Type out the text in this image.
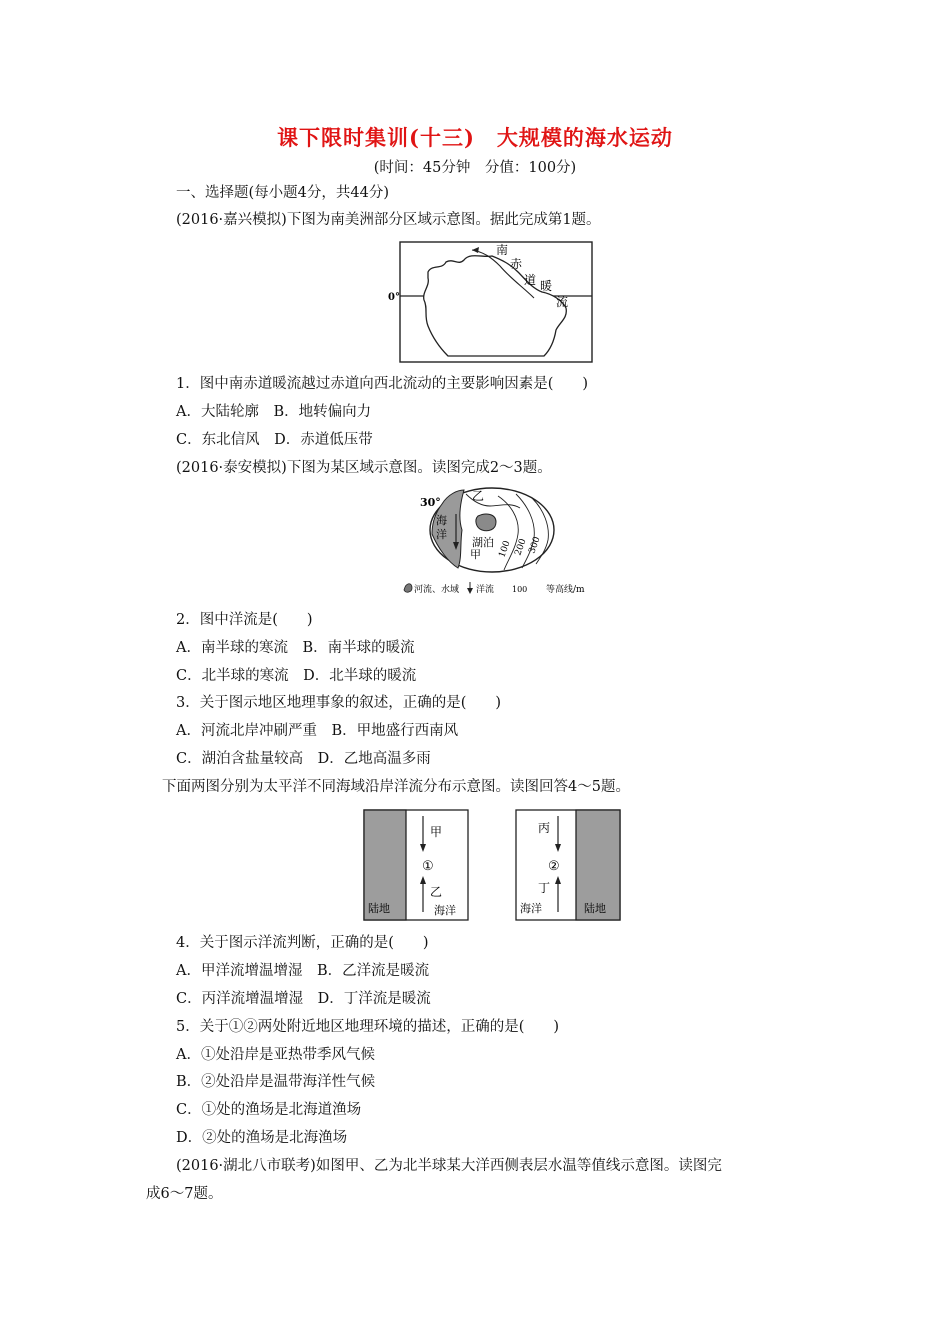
课下限时集训(十三)　大规模的海水运动
(时间：45分钟　分值：100分)
一、选择题(每小题4分，共44分)
(2016·嘉兴模拟)下图为南美洲部分区域示意图。据此完成第1题。
0°
南
赤
道 暖
流
1．图中南赤道暖流越过赤道向西北流动的主要影响因素是(　　)
A．大陆轮廓　B．地转偏向力
C．东北信风　D．赤道低压带
(2016·泰安模拟)下图为某区域示意图。读图完成2～3题。
30°	乙
海
洋
湖泊
甲 100 200
300
河流、水域 洋流 100 等高线/m
2．图中洋流是(　　)
A．南半球的寒流　B．南半球的暖流
C．北半球的寒流　D．北半球的暖流
3．关于图示地区地理事象的叙述，正确的是(　　)
A．河流北岸冲刷严重　B．甲地盛行西南风
C．湖泊含盐量较高　D．乙地高温多雨
下面两图分别为太平洋不同海域沿岸洋流分布示意图。读图回答4～5题。
甲
①
乙
陆地	海洋
丙
②
丁
海洋	陆地
4．关于图示洋流判断，正确的是(　　)
A．甲洋流增温增湿　B．乙洋流是暖流
C．丙洋流增温增湿　D．丁洋流是暖流
5．关于①②两处附近地区地理环境的描述，正确的是(　　)
A．①处沿岸是亚热带季风气候
B．②处沿岸是温带海洋性气候
C．①处的渔场是北海道渔场
D．②处的渔场是北海渔场
(2016·湖北八市联考)如图甲、乙为北半球某大洋西侧表层水温等值线示意图。读图完
成6～7题。
